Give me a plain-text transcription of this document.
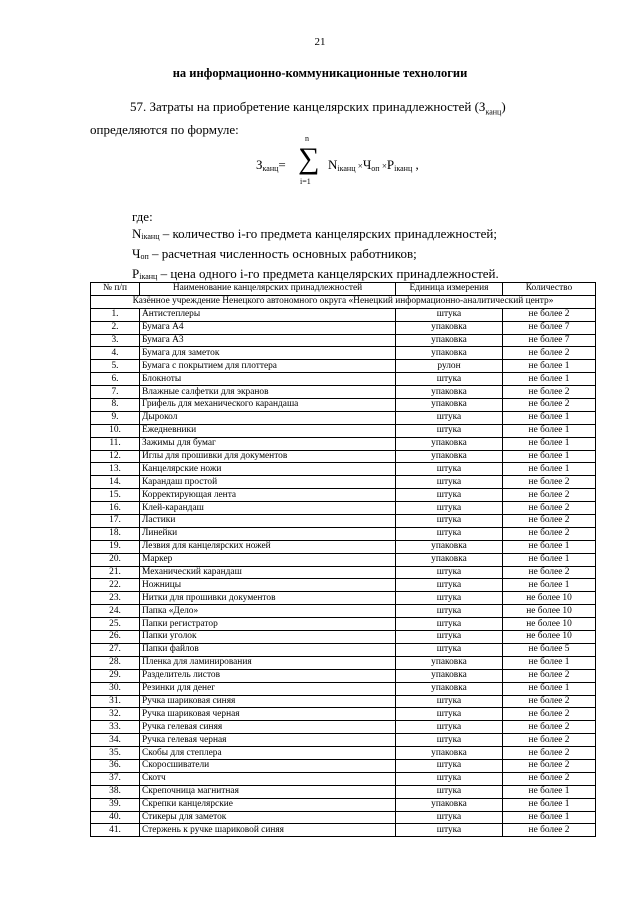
21
на информационно-коммуникационные технологии
57. Затраты на приобретение канцелярских принадлежностей $(З_{канц})$
определяются по формуле:
$З_{канц}=$ ∑
n
i=1
$N_{iканц} \times Ч_{оп} \times P_{iканц}$ ,
где:
$N_{iканц}$ – количество i-го предмета канцелярских принадлежностей;
$Ч_{оп}$ – расчетная численность основных работников;
$P_{iканц}$ – цена одного i-го предмета канцелярских принадлежностей.
№ п/п	Наименование канцелярских принадлежностей	Единица измерения	Количество
Казённое учреждение Ненецкого автономного округа «Ненецкий информационно-аналитический центр»			
1.	Антистеплеры	штука	не более 2
2.	Бумага А4	упаковка	не более 7
3.	Бумага А3	упаковка	не более 7
4.	Бумага для заметок	упаковка	не более 2
5.	Бумага с покрытием для плоттера	рулон	не более 1
6.	Блокноты	штука	не более 1
7.	Влажные салфетки для экранов	упаковка	не более 2
8.	Грифель для механического карандаша	упаковка	не более 2
9.	Дырокол	штука	не более 1
10.	Ежедневники	штука	не более 1
11.	Зажимы для бумаг	упаковка	не более 1
12.	Иглы для прошивки для документов	упаковка	не более 1
13.	Канцелярские ножи	штука	не более 1
14.	Карандаш простой	штука	не более 2
15.	Корректирующая лента	штука	не более 2
16.	Клей-карандаш	штука	не более 2
17.	Ластики	штука	не более 2
18.	Линейки	штука	не более 2
19.	Лезвия для канцелярских ножей	упаковка	не более 1
20.	Маркер	упаковка	не более 1
21.	Механический карандаш	штука	не более 2
22.	Ножницы	штука	не более 1
23.	Нитки для прошивки документов	штука	не более 10
24.	Папка «Дело»	штука	не более 10
25.	Папки регистратор	штука	не более 10
26.	Папки уголок	штука	не более 10
27.	Папки файлов	штука	не более 5
28.	Пленка для ламинирования	упаковка	не более 1
29.	Разделитель листов	упаковка	не более 2
30.	Резинки для денег	упаковка	не более 1
31.	Ручка шариковая синяя	штука	не более 2
32.	Ручка шариковая черная	штука	не более 2
33.	Ручка гелевая синяя	штука	не более 2
34.	Ручка гелевая черная	штука	не более 2
35.	Скобы для степлера	упаковка	не более 2
36.	Скоросшиватели	штука	не более 2
37.	Скотч	штука	не более 2
38.	Скрепочница магнитная	штука	не более 1
39.	Скрепки канцелярские	упаковка	не более 1
40.	Стикеры для заметок	штука	не более 1
41.	Стержень к ручке шариковой синяя	штука	не более 2
